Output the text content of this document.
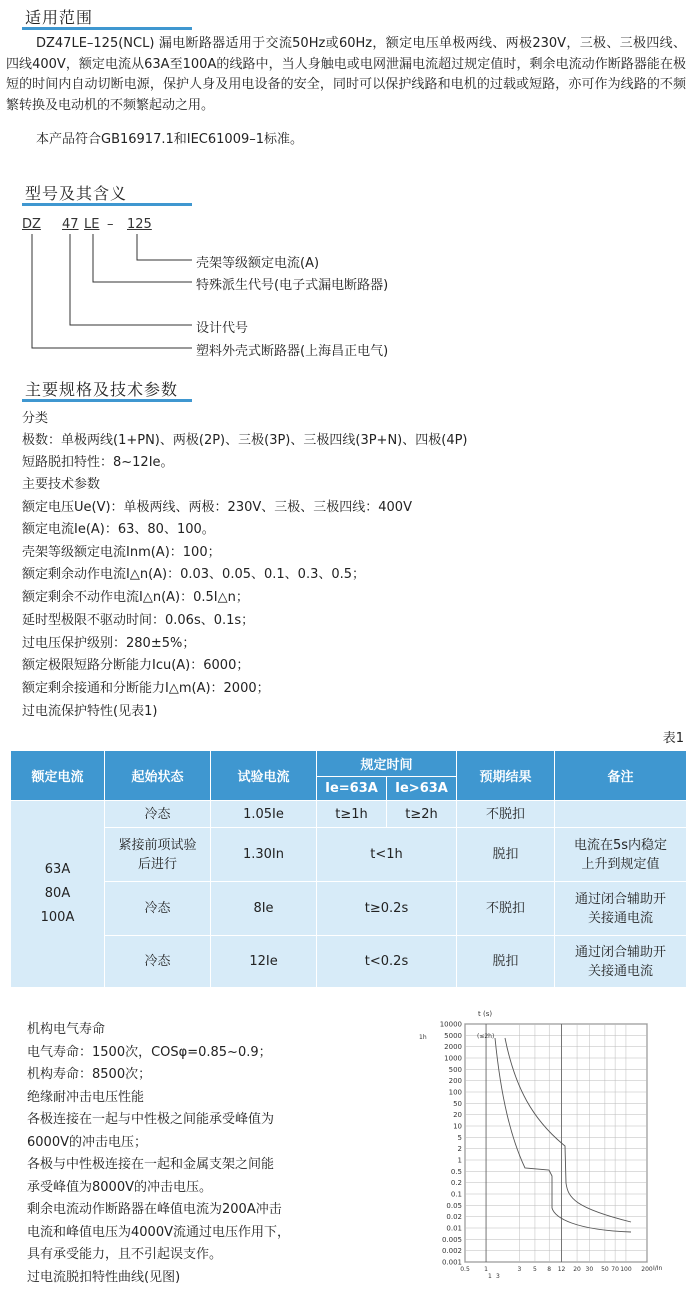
适用范围
DZ47LE–125(NCL) 漏电断路器适用于交流50Hz或60Hz，额定电压单极两线、两极230V，三极、三极四线、四线400V，额定电流从63A至100A的线路中，当人身触电或电网泄漏电流超过规定值时，剩余电流动作断路器能在极短的时间内自动切断电源，保护人身及用电设备的安全，同时可以保护线路和电机的过载或短路，亦可作为线路的不频繁转换及电动机的不频繁起动之用。
本产品符合GB16917.1和IEC61009–1标准。
型号及其含义
DZ 47 LE – 125
壳架等级额定电流(A)
特殊派生代号(电子式漏电断路器)
设计代号
塑料外壳式断路器(上海昌正电气)
主要规格及技术参数
分类
极数：单极两线(1+PN)、两极(2P)、三极(3P)、三极四线(3P+N)、四极(4P)
短路脱扣特性：8~12Ie。
主要技术参数
额定电压Ue(V)：单极两线、两极：230V、三极、三极四线：400V
额定电流Ie(A)：63、80、100。
壳架等级额定电流Inm(A)：100；
额定剩余动作电流I△n(A)：0.03、0.05、0.1、0.3、0.5；
额定剩余不动作电流I△n(A)：0.5I△n；
延时型极限不驱动时间：0.06s、0.1s；
过电压保护级别：280±5%；
额定极限短路分断能力Icu(A)：6000；
额定剩余接通和分断能力I△m(A)：2000；
过电流保护特性(见表1)
表1
额定电流	起始状态	试验电流	规定时间		预期结果	备注
			Ie=63A	Ie>63A		

63A
80A
100A	冷态	1.05Ie	t≥1h	t≥2h	不脱扣	

	紧接前项试验后进行	1.30In	t<1h		脱扣	电流在5s内稳定上升到规定值

	冷态	8Ie	t≥0.2s		不脱扣	通过闭合辅助开关接通电流

	冷态	12Ie	t<0.2s		脱扣	通过闭合辅助开关接通电流
机构电气寿命
电气寿命：1500次，COSφ=0.85~0.9；
机构寿命：8500次；
绝缘耐冲击电压性能
各极连接在一起与中性极之间能承受峰值为
6000V的冲击电压；
各极与中性极连接在一起和金属支架之间能
承受峰值为8000V的冲击电压。
剩余电流动作断路器在峰值电流为200A冲击
电流和峰值电压为4000V流通过电压作用下，
具有承受能力，且不引起误支作。
过电流脱扣特性曲线(见图)
10000
5000
2000
1000
500
200
100
50
20
10
5
2
1
0.5
0.2
0.1
0.05
0.02
0.01
0.005
0.002
0.001
0.5 1	3 5 8 12 20 30 50 70 100 200
t (s)
1h	(≤2h)
I/In
1 3
